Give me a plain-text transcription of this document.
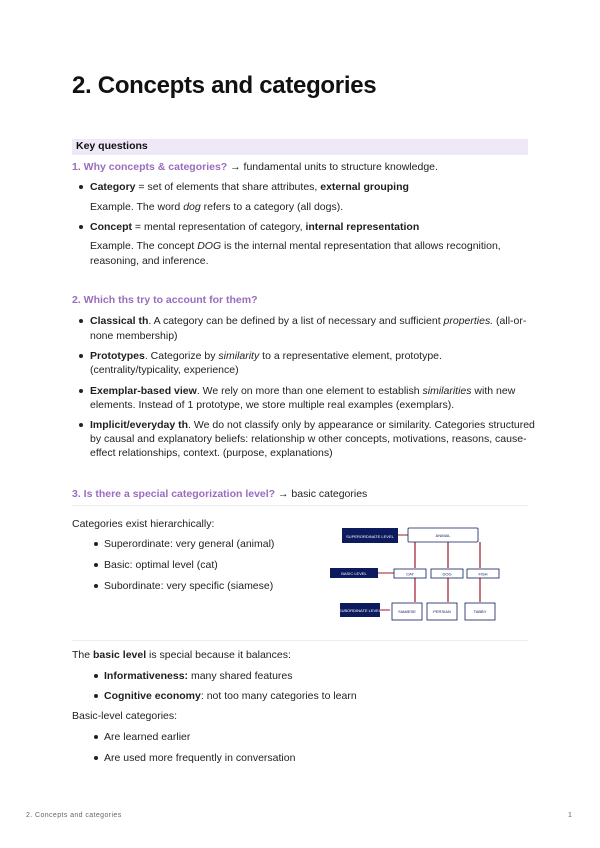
2. Concepts and categories
Key questions
1. Why concepts & categories? → fundamental units to structure knowledge.
Category = set of elements that share attributes, external grouping
Example. The word dog refers to a category (all dogs).
Concept = mental representation of category, internal representation
Example. The concept DOG is the internal mental representation that allows recognition,
reasoning, and inference.
2. Which ths try to account for them?
Classical th. A category can be defined by a list of necessary and sufficient properties. (all-or-
none membership)
Prototypes. Categorize by similarity to a representative element, prototype.
(centrality/typicality, experience)
Exemplar-based view. We rely on more than one element to establish similarities with new
elements. Instead of 1 prototype, we store multiple real examples (exemplars).
Implicit/everyday th. We do not classify only by appearance or similarity. Categories structured
by causal and explanatory beliefs: relationship w other concepts, motivations, reasons, cause-
effect relationships, context. (purpose, explanations)
3. Is there a special categorization level? → basic categories
Categories exist hierarchically:
Superordinate: very general (animal)
Basic: optimal level (cat)
Subordinate: very specific (siamese)
SUPERORDINATE LEVEL
BASIC LEVEL
SUBORDINATE LEVEL
ANIMAL
CAT	DOG	FISH
SIAMESE	PERSIAN	TABBY
The basic level is special because it balances:
Informativeness: many shared features
Cognitive economy: not too many categories to learn
Basic-level categories:
Are learned earlier
Are used more frequently in conversation
2. Concepts and categories	1
